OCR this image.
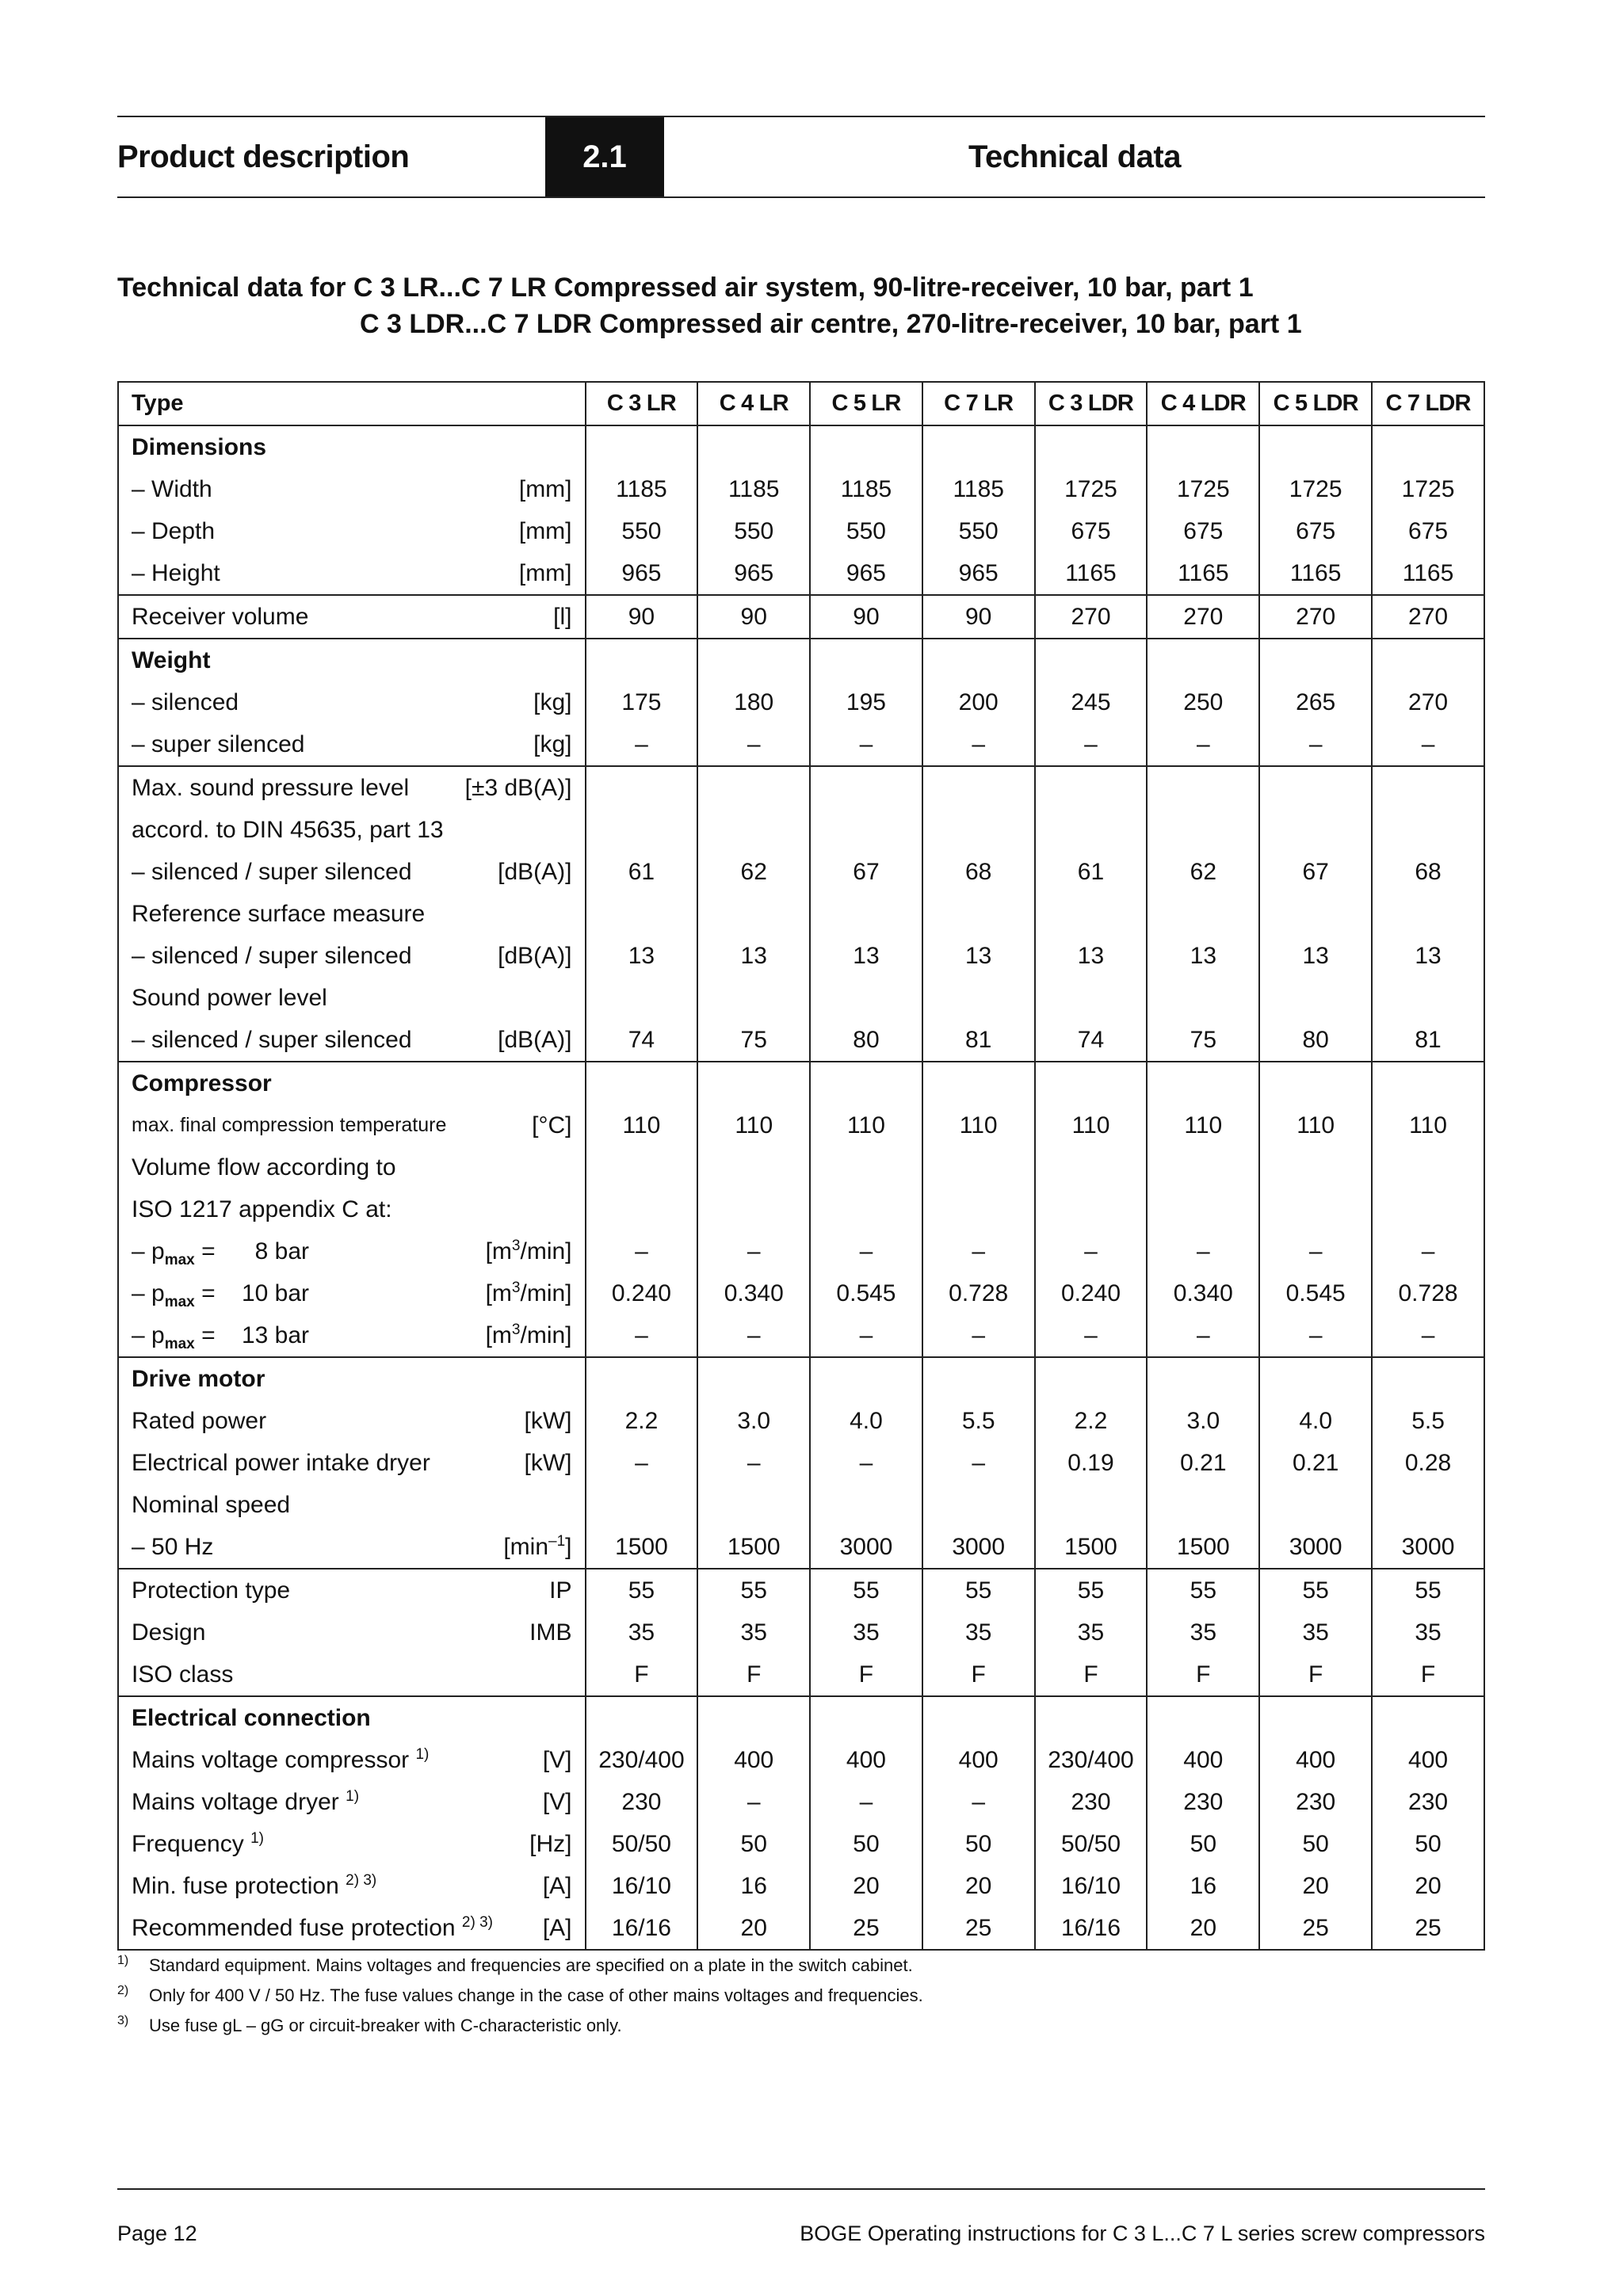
Product description	2.1	Technical data
Technical data for C 3 LR...C 7 LR Compressed air system, 90-litre-receiver, 10 bar, part 1
C 3 LDR...C 7 LDR Compressed air centre, 270-litre-receiver, 10 bar, part 1
Type	C 3 LR	C 4 LR	C 5 LR	C 7 LR	C 3 LDR	C 4 LDR	C 5 LDR	C 7 LDR

Dimensions								

– Width [mm]	1185	1185	1185	1185	1725	1725	1725	1725

– Depth [mm]	550	550	550	550	675	675	675	675

– Height [mm]	965	965	965	965	1165	1165	1165	1165

Receiver volume [l]	90	90	90	90	270	270	270	270

Weight								

– silenced [kg]	175	180	195	200	245	250	265	270

– super silenced [kg]	–	–	–	–	–	–	–	–

Max. sound pressure level [±3 dB(A)]								

accord. to DIN 45635, part 13								

– silenced / super silenced [dB(A)]	61	62	67	68	61	62	67	68

Reference surface measure								

– silenced / super silenced [dB(A)]	13	13	13	13	13	13	13	13

Sound power level								

– silenced / super silenced [dB(A)]	74	75	80	81	74	75	80	81

Compressor								

max. final compression temperature [°C]	110	110	110	110	110	110	110	110

Volume flow according to								

ISO 1217 appendix C at:								

– $p_{max}$ =      8 bar $[m^3/\min]$	–	–	–	–	–	–	–	–

– $p_{max}$ =    10 bar $[m^3/\min]$	0.240	0.340	0.545	0.728	0.240	0.340	0.545	0.728

– $p_{max}$ =    13 bar $[m^3/\min]$	–	–	–	–	–	–	–	–

Drive motor								

Rated power [kW]	2.2	3.0	4.0	5.5	2.2	3.0	4.0	5.5

Electrical power intake dryer [kW]	–	–	–	–	0.19	0.21	0.21	0.28

Nominal speed								

– 50 Hz $[\min^{-1}]$	1500	1500	3000	3000	1500	1500	3000	3000

Protection type IP	55	55	55	55	55	55	55	55

Design IMB	35	35	35	35	35	35	35	35

ISO class	F	F	F	F	F	F	F	F

Electrical connection								

Mains voltage compressor $^{1)}$ [V]	230/400	400	400	400	230/400	400	400	400

Mains voltage dryer $^{1)}$ [V]	230	–	–	–	230	230	230	230

Frequency $^{1)}$ [Hz]	50/50	50	50	50	50/50	50	50	50

Min. fuse protection $^{2) 3)}$ [A]	16/10	16	20	20	16/10	16	20	20

Recommended fuse protection $^{2) 3)}$ [A]	16/16	20	25	25	16/16	20	25	25
1) Standard equipment. Mains voltages and frequencies are specified on a plate in the switch cabinet.
2) Only for 400 V / 50 Hz. The fuse values change in the case of other mains voltages and frequencies.
3) Use fuse gL – gG or circuit-breaker with C-characteristic only.
Page 12	BOGE Operating instructions for C 3 L...C 7 L series screw compressors
